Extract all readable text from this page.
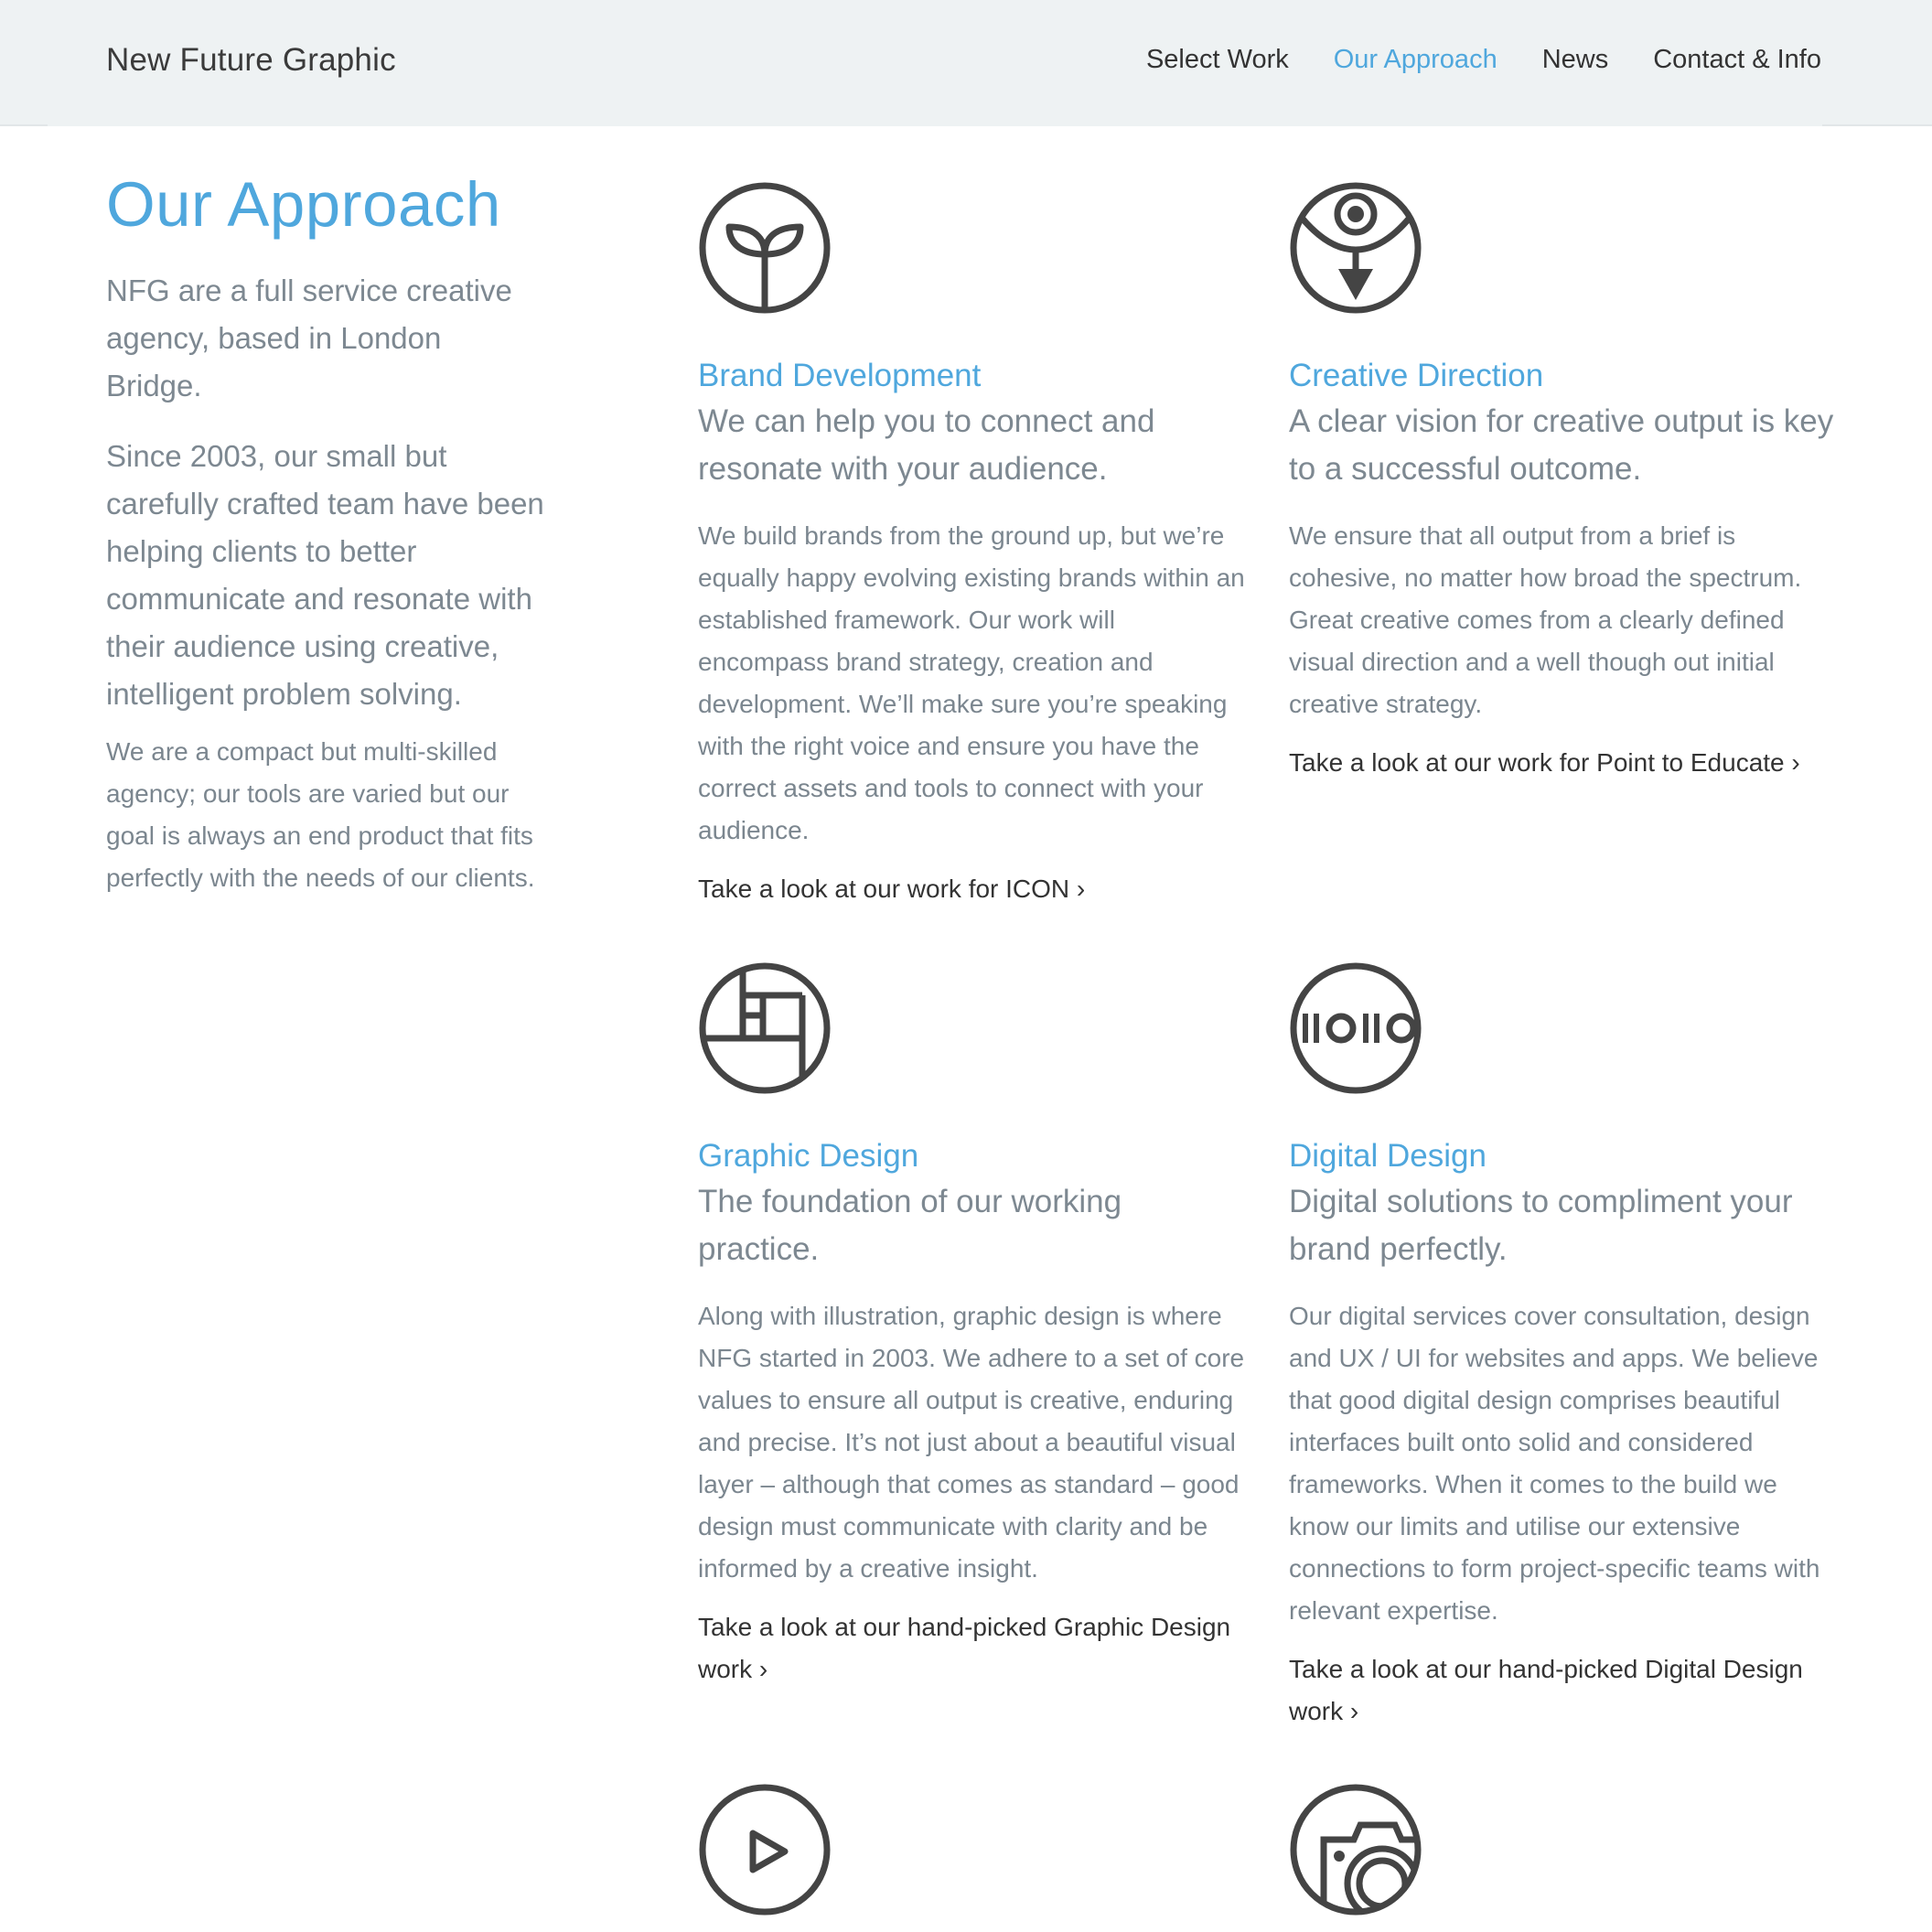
New Future Graphic	Select Work Our Approach News Contact & Info
Our Approach

NFG are a full service creative agency, based in London Bridge.

Since 2003, our small but carefully crafted team have been helping clients to better communicate and resonate with their audience using creative, intelligent problem solving.

We are a compact but multi-skilled agency; our tools are varied but our goal is always an end product that fits perfectly with the needs of our clients.

Brand Development

We can help you to connect and resonate with your audience.

We build brands from the ground up, but we’re equally happy evolving existing brands within an established framework. Our work will encompass brand strategy, creation and development. We’ll make sure you’re speaking with the right voice and ensure you have the correct assets and tools to connect with your audience.

Take a look at our work for ICON ›
Creative Direction

A clear vision for creative output is key to a successful outcome.

We ensure that all output from a brief is cohesive, no matter how broad the spectrum. Great creative comes from a clearly defined visual direction and a well though out initial creative strategy.

Take a look at our work for Point to Educate ›
Graphic Design

The foundation of our working practice.

Along with illustration, graphic design is where NFG started in 2003. We adhere to a set of core values to ensure all output is creative, enduring and precise. It’s not just about a beautiful visual layer – although that comes as standard – good design must communicate with clarity and be informed by a creative insight.

Take a look at our hand-picked Graphic Design work ›
Digital Design

Digital solutions to compliment your brand perfectly.

Our digital services cover consultation, design and UX / UI for websites and apps. We believe that good digital design comprises beautiful interfaces built onto solid and considered frameworks. When it comes to the build we know our limits and utilise our extensive connections to form project-specific teams with relevant expertise.

Take a look at our hand-picked Digital Design work ›
